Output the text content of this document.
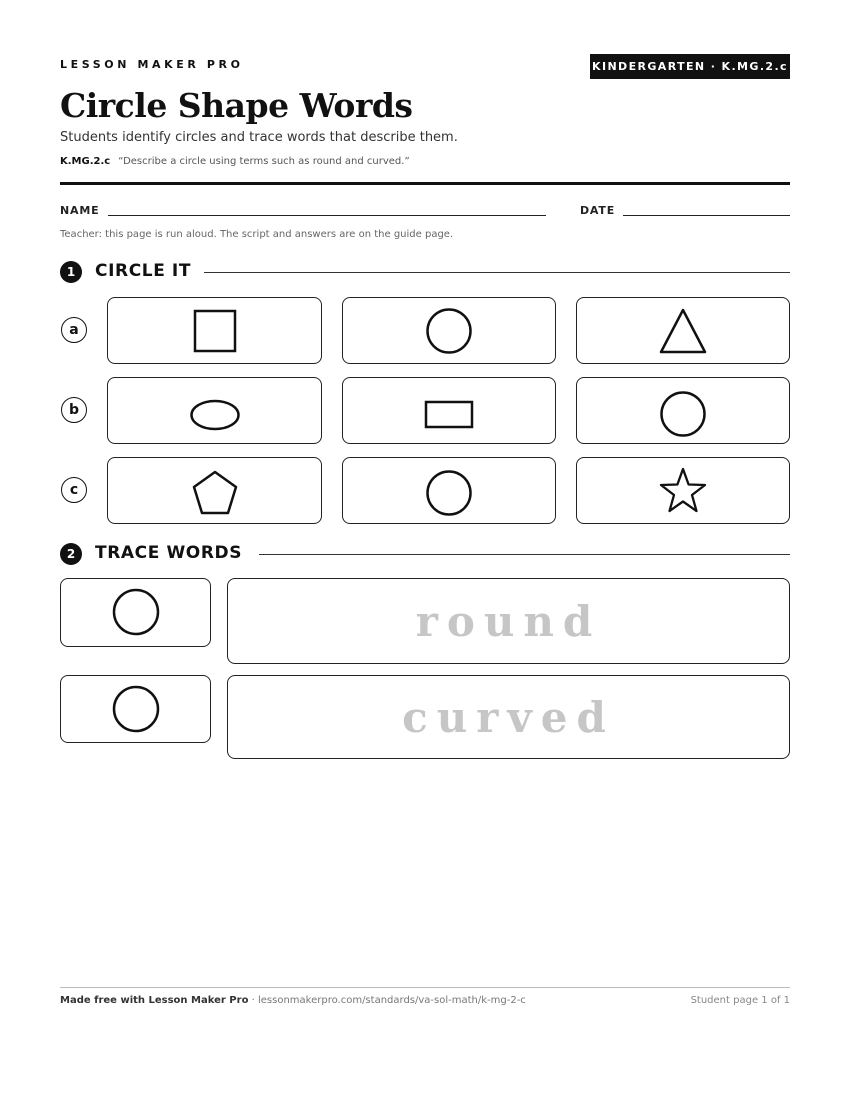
LESSON MAKER PRO	KINDERGARTEN · K.MG.2.c
Circle Shape Words
Students identify circles and trace words that describe them.
K.MG.2.c “Describe a circle using terms such as round and curved.”
NAME	DATE
Teacher: this page is run aloud. The script and answers are on the guide page.
1	CIRCLE IT
a
b
c
2	TRACE WORDS
round
curved
Made free with Lesson Maker Pro · lessonmakerpro.com/standards/va-sol-math/k-mg-2-c	Student page 1 of 1
